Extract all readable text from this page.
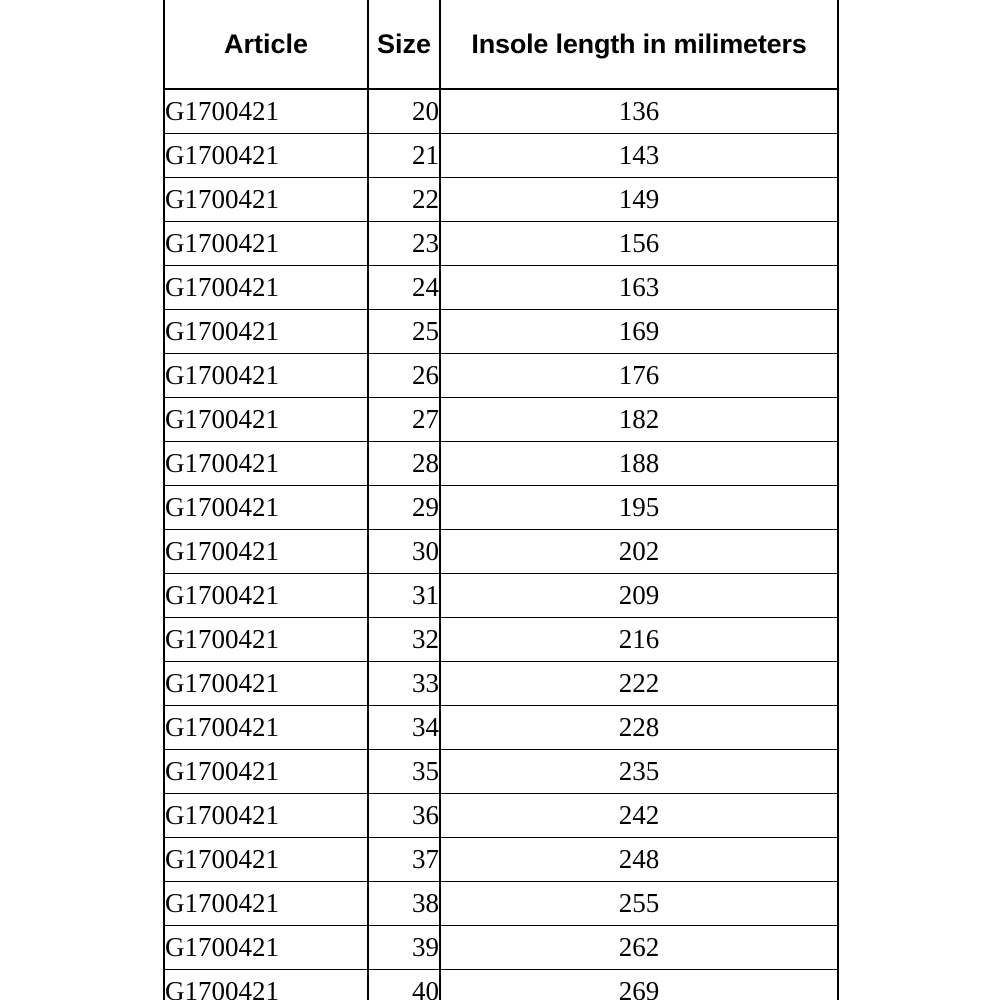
Article	Size	Insole length in milimeters
G1700421	20	136
G1700421	21	143
G1700421	22	149
G1700421	23	156
G1700421	24	163
G1700421	25	169
G1700421	26	176
G1700421	27	182
G1700421	28	188
G1700421	29	195
G1700421	30	202
G1700421	31	209
G1700421	32	216
G1700421	33	222
G1700421	34	228
G1700421	35	235
G1700421	36	242
G1700421	37	248
G1700421	38	255
G1700421	39	262
G1700421	40	269
